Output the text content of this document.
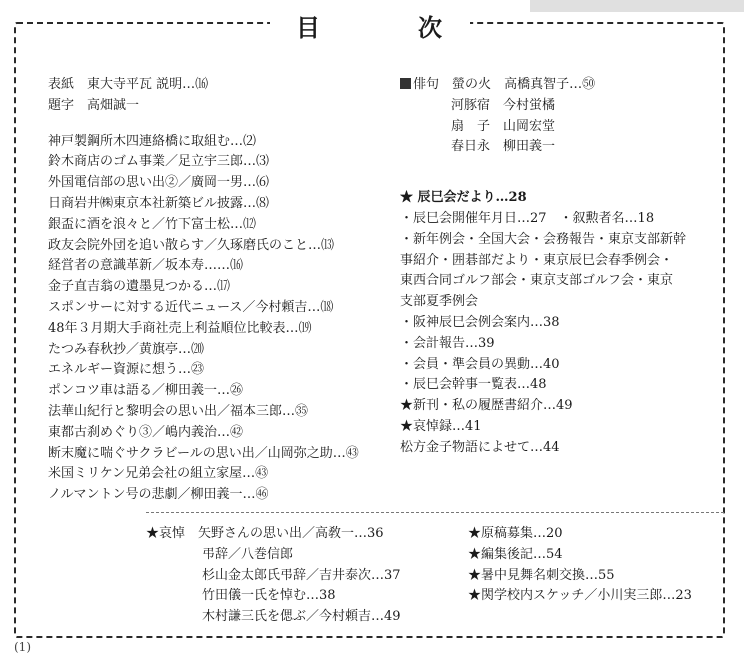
目	次
表紙　 東大寺平瓦 説明…⒃
題字　 高畑誠一
神戸製鋼所木四連絡橋に取組む…⑵
鈴木商店のゴム事業／足立宇三郎…⑶
外国電信部の思い出②／廣岡一男…⑹
日商岩井㈱東京本社新築ビル披露…⑻
銀盃に酒を浪々と／竹下富士松…⑿
政友会院外団を追い散らす／久琢磨氏のこと…⒀
経営者の意識革新／坂本寿……⒃
金子直吉翁の遺墨見つかる…⒄
スポンサーに対する近代ニュース／今村頼吉…⒅
48年３月期大手商社売上利益順位比較表…⒆
たつみ春秋抄／黄旗亭…⒇
エネルギー資源に想う…㉓
ポンコツ車は語る／柳田義一…㉖
法華山紀行と黎明会の思い出／福本三郎…㉟
東都古刹めぐり③／嶋内義治…㊷
断末魔に喘ぐサクラビールの思い出／山岡弥之助…㊸
米国ミリケン兄弟会社の組立家屋…㊸
ノルマントン号の悲劇／柳田義一…㊻
俳句　 螢の火　 高橋真智子…㊿
河豚宿　 今村蛍橘
扇　子　 山岡宏堂
春日永　 柳田義一
★ 辰巳会だより…28
・辰巳会開催年月日…27　・叙勲者名…18
・新年例会・全国大会・会務報告・東京支部新幹
事紹介・囲碁部だより・東京辰巳会春季例会・
東西合同ゴルフ部会・東京支部ゴルフ会・東京
支部夏季例会
・阪神辰巳会例会案内…38
・会計報告…39
・会員・準会員の異動…40
・辰巳会幹事一覧表…48
★新刊・私の履歴書紹介…49
★哀悼録…41
松方金子物語によせて…44
★哀悼　 矢野さんの思い出／高敎一…36
弔辞／八巻信郎
杉山金太郎氏弔辞／吉井泰次…37
竹田儀一氏を悼む…38
木村謙三氏を偲ぶ／今村頼吉…49
★原稿募集…20
★編集後記…54
★暑中見舞名刺交換…55
★関学校内スケッチ／小川実三郎…23
(1)
